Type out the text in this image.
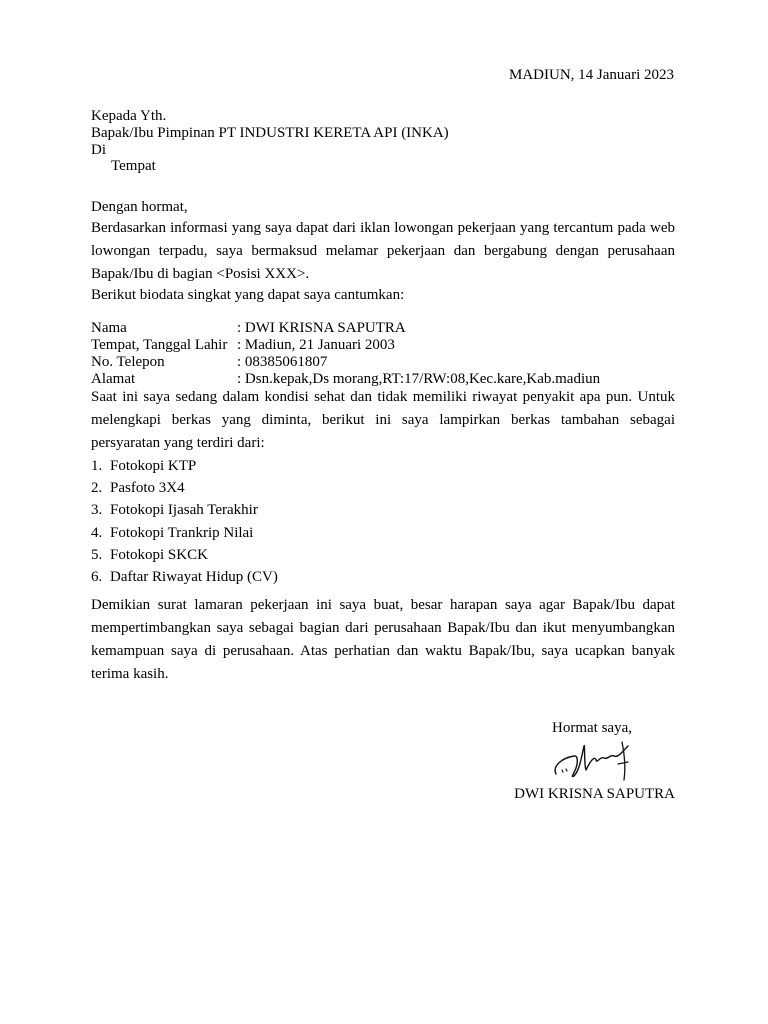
MADIUN, 14 Januari 2023
Kepada Yth.
Bapak/Ibu Pimpinan PT INDUSTRI KERETA API (INKA)
Di
Tempat
Dengan hormat,
Berdasarkan informasi yang saya dapat dari iklan lowongan pekerjaan yang tercantum pada web lowongan terpadu, saya bermaksud melamar pekerjaan dan bergabung dengan perusahaan Bapak/Ibu di bagian <Posisi XXX>.
Berikut biodata singkat yang dapat saya cantumkan:
Nama	: DWI KRISNA SAPUTRA
Tempat, Tanggal Lahir	: Madiun, 21 Januari 2003
No. Telepon	: 08385061807
Alamat	: Dsn.kepak,Ds morang,RT:17/RW:08,Kec.kare,Kab.madiun
Saat ini saya sedang dalam kondisi sehat dan tidak memiliki riwayat penyakit apa pun. Untuk melengkapi berkas yang diminta, berikut ini saya lampirkan berkas tambahan sebagai persyaratan yang terdiri dari:
1. Fotokopi KTP
2. Pasfoto 3X4
3. Fotokopi Ijasah Terakhir
4. Fotokopi Trankrip Nilai
5. Fotokopi SKCK
6. Daftar Riwayat Hidup (CV)
Demikian surat lamaran pekerjaan ini saya buat, besar harapan saya agar Bapak/Ibu dapat mempertimbangkan saya sebagai bagian dari perusahaan Bapak/Ibu dan ikut menyumbangkan kemampuan saya di perusahaan. Atas perhatian dan waktu Bapak/Ibu, saya ucapkan banyak terima kasih.
Hormat saya,
DWI KRISNA SAPUTRA
